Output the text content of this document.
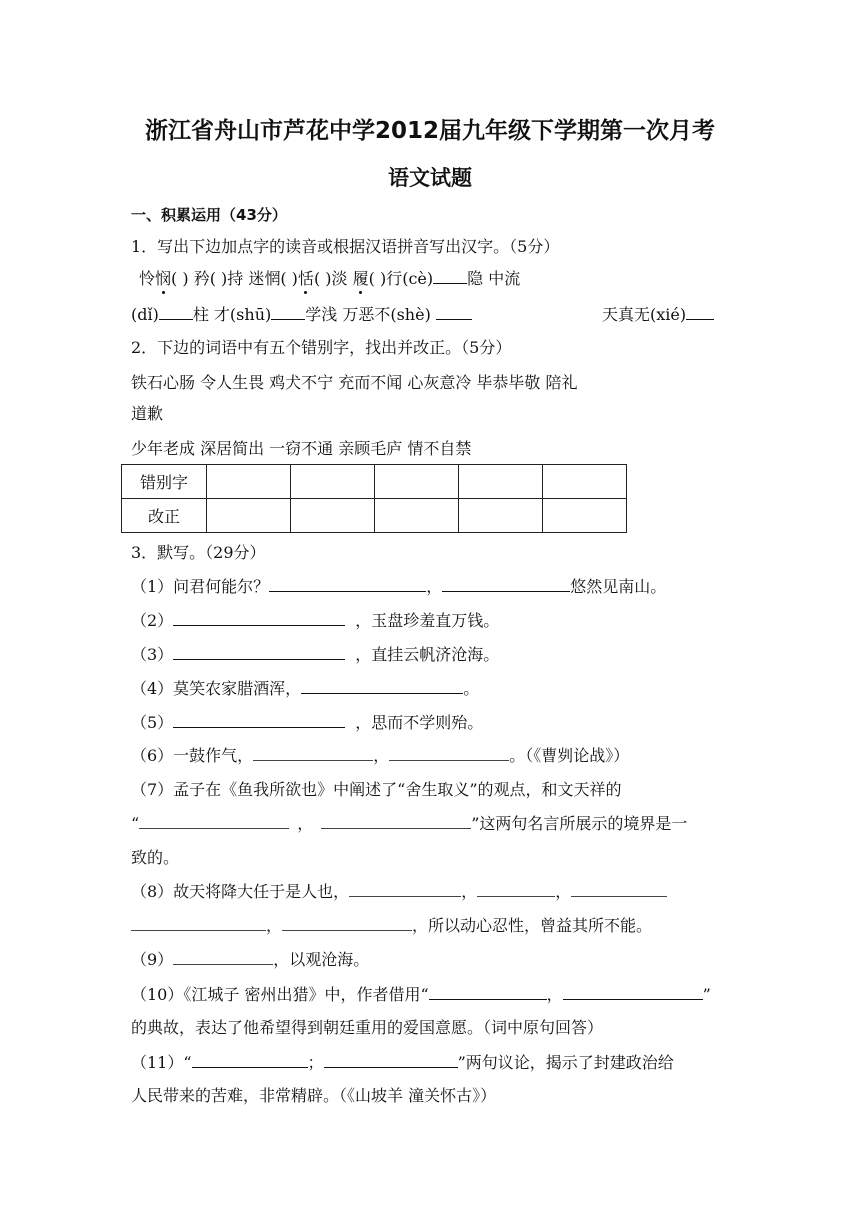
浙江省舟山市芦花中学2012届九年级下学期第一次月考
语文试题
一、积累运用（43分）
1．写出下边加点字的读音或根据汉语拼音写出汉字。（5分）
怜悯( ) 矜( )持 迷惘( )恬( )淡 履( )行(cè) 隐 中流
(dǐ) 柱 才(shū) 学浅 万恶不(shè)	天真无(xié)
2．下边的词语中有五个错别字，找出并改正。（5分）
铁石心肠 令人生畏 鸡犬不宁 充而不闻 心灰意冷 毕恭毕敬 陪礼
道歉
少年老成 深居简出 一窃不通 亲顾毛庐 情不自禁
错别字					
改正					
3．默写。（29分）
（1）问君何能尔？	，	悠然见南山。
（2）	，玉盘珍羞直万钱。
（3）	，直挂云帆济沧海。
（4）莫笑农家腊酒浑，	。
（5）	，思而不学则殆。
（6）一鼓作气，	，	。（《曹刿论战》）
（7）孟子在《鱼我所欲也》中阐述了“舍生取义”的观点，和文天祥的
“	，	”这两句名言所展示的境界是一
致的。
（8）故天将降大任于是人也，	，	，
，	，所以动心忍性，曾益其所不能。
（9）	，以观沧海。
（10）《江城子 密州出猎》中，作者借用“	，	”
的典故，表达了他希望得到朝廷重用的爱国意愿。（词中原句回答）
（11）“	；	”两句议论，揭示了封建政治给
人民带来的苦难，非常精辟。（《山坡羊 潼关怀古》）
